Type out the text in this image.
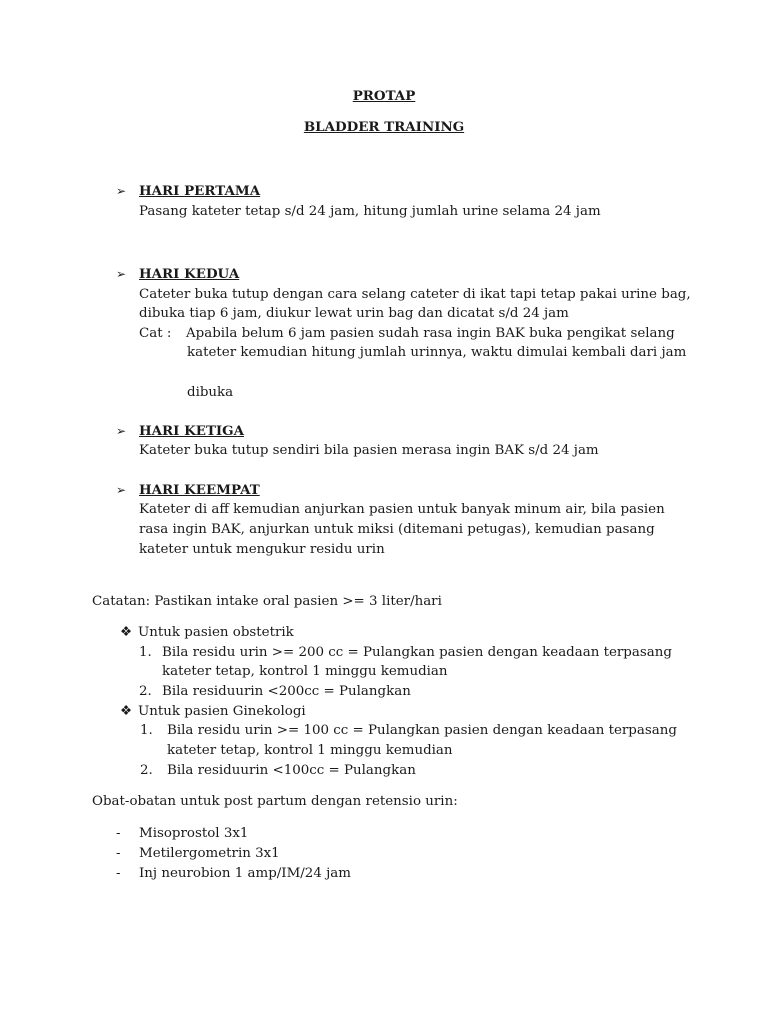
PROTAP
BLADDER TRAINING
➢ HARI PERTAMA
Pasang kateter tetap s/d 24 jam, hitung jumlah urine selama 24 jam
➢ HARI KEDUA
Cateter buka tutup dengan cara selang cateter di ikat tapi tetap pakai urine bag,
dibuka tiap 6 jam, diukur lewat urin bag dan dicatat s/d 24 jam
Cat : Apabila belum 6 jam pasien sudah rasa ingin BAK buka pengikat selang
kateter kemudian hitung jumlah urinnya, waktu dimulai kembali dari jam
dibuka
➢ HARI KETIGA
Kateter buka tutup sendiri bila pasien merasa ingin BAK s/d 24 jam
➢ HARI KEEMPAT
Kateter di aff kemudian anjurkan pasien untuk banyak minum air, bila pasien
rasa ingin BAK, anjurkan untuk miksi (ditemani petugas), kemudian pasang
kateter untuk mengukur residu urin
Catatan: Pastikan intake oral pasien >= 3 liter/hari
❖ Untuk pasien obstetrik
1. Bila residu urin >= 200 cc = Pulangkan pasien dengan keadaan terpasang
kateter tetap, kontrol 1 minggu kemudian
2. Bila residuurin <200cc = Pulangkan
❖ Untuk pasien Ginekologi
1. Bila residu urin >= 100 cc = Pulangkan pasien dengan keadaan terpasang
kateter tetap, kontrol 1 minggu kemudian
2. Bila residuurin <100cc = Pulangkan
Obat-obatan untuk post partum dengan retensio urin:
- Misoprostol 3x1
- Metilergometrin 3x1
- Inj neurobion 1 amp/IM/24 jam
